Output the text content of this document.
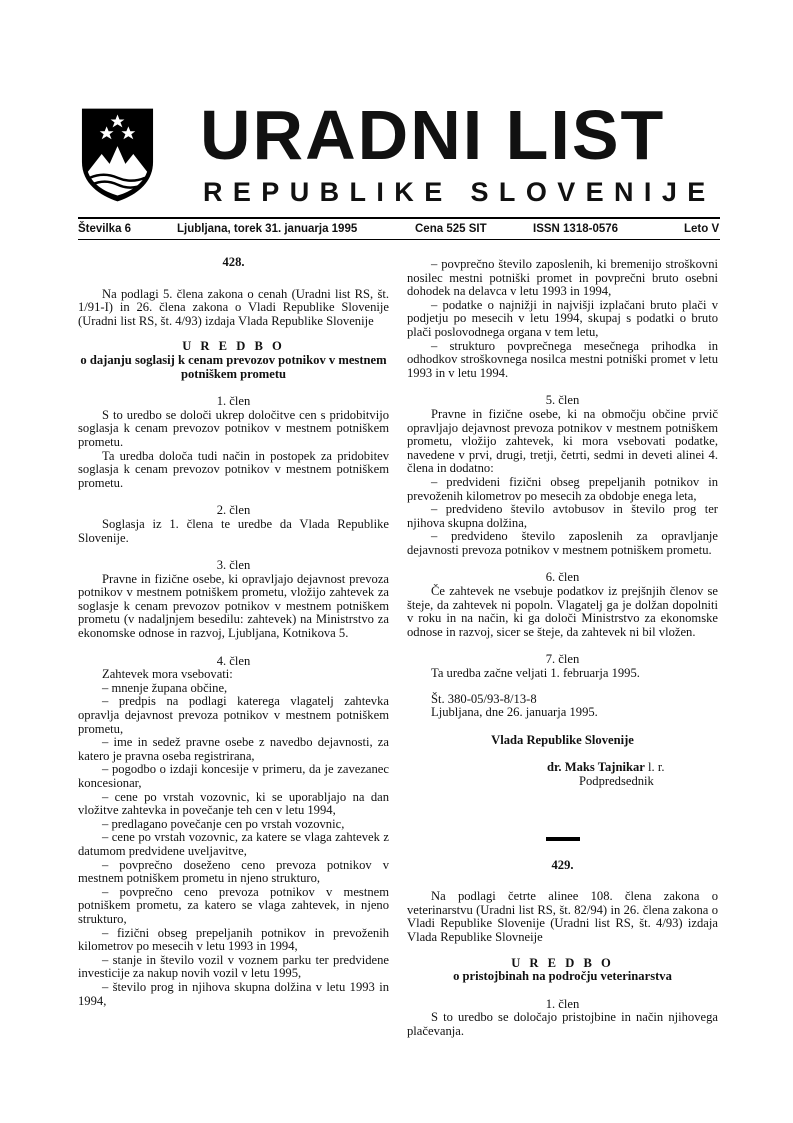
URADNI LIST
REPUBLIKE SLOVENIJE
Številka 6	Ljubljana, torek 31. januarja 1995	Cena 525 SIT	ISSN 1318-0576	Leto V

428.

Na podlagi 5. člena zakona o cenah (Uradni list RS, št. 1/91-I) in 26. člena zakona o Vladi Republike Slovenije (Uradni list RS, št. 4/93) izdaja Vlada Republike Slovenije

U R E D B O

o dajanju soglasij k cenam prevozov potnikov v mestnem potniškem prometu

1. člen

S to uredbo se določi ukrep določitve cen s pridobitvijo soglasja k cenam prevozov potnikov v mestnem potniškem prometu.

Ta uredba določa tudi način in postopek za pridobitev soglasja k cenam prevozov potnikov v mestnem potniškem prometu.

2. člen

Soglasja iz 1. člena te uredbe da Vlada Republike Slovenije.

3. člen

Pravne in fizične osebe, ki opravljajo dejavnost prevoza potnikov v mestnem potniškem prometu, vložijo zahtevek za soglasje k cenam prevozov potnikov v mestnem potniškem prometu (v nadaljnjem besedilu: zahtevek) na Ministrstvo za ekonomske odnose in razvoj, Ljubljana, Kotnikova 5.

4. člen

Zahtevek mora vsebovati:

– mnenje župana občine,

– predpis na podlagi katerega vlagatelj zahtevka opravlja dejavnost prevoza potnikov v mestnem potniškem prometu,

– ime in sedež pravne osebe z navedbo dejavnosti, za katero je pravna oseba registrirana,

– pogodbo o izdaji koncesije v primeru, da je zavezanec koncesionar,

– cene po vrstah vozovnic, ki se uporabljajo na dan vložitve zahtevka in povečanje teh cen v letu 1994,

– predlagano povečanje cen po vrstah vozovnic,

– cene po vrstah vozovnic, za katere se vlaga zahtevek z datumom predvidene uveljavitve,

– povprečno doseženo ceno prevoza potnikov v mestnem potniškem prometu in njeno strukturo,

– povprečno ceno prevoza potnikov v mestnem potniškem prometu, za katero se vlaga zahtevek, in njeno strukturo,

– fizični obseg prepeljanih potnikov in prevoženih kilometrov po mesecih v letu 1993 in 1994,

– stanje in število vozil v voznem parku ter predvidene investicije za nakup novih vozil v letu 1995,

– število prog in njihova skupna dolžina v letu 1993 in 1994,

– povprečno število zaposlenih, ki bremenijo stroškovni nosilec mestni potniški promet in povprečni bruto osebni dohodek na delavca v letu 1993 in 1994,

– podatke o najnižji in najvišji izplačani bruto plači v podjetju po mesecih v letu 1994, skupaj s podatki o bruto plači poslovodnega organa v tem letu,

– strukturo povprečnega mesečnega prihodka in odhodkov stroškovnega nosilca mestni potniški promet v letu 1993 in v letu 1994.

5. člen

Pravne in fizične osebe, ki na območju občine prvič opravljajo dejavnost prevoza potnikov v mestnem potniškem prometu, vložijo zahtevek, ki mora vsebovati podatke, navedene v prvi, drugi, tretji, četrti, sedmi in deveti alinei 4. člena in dodatno:

– predvideni fizični obseg prepeljanih potnikov in prevoženih kilometrov po mesecih za obdobje enega leta,

– predvideno število avtobusov in število prog ter njihova skupna dolžina,

– predvideno število zaposlenih za opravljanje dejavnosti prevoza potnikov v mestnem potniškem prometu.

6. člen

Če zahtevek ne vsebuje podatkov iz prejšnjih členov se šteje, da zahtevek ni popoln. Vlagatelj ga je dolžan dopolniti v roku in na način, ki ga določi Ministrstvo za ekonomske odnose in razvoj, sicer se šteje, da zahtevek ni bil vložen.

7. člen

Ta uredba začne veljati 1. februarja 1995.

Št. 380-05/93-8/13-8

Ljubljana, dne 26. januarja 1995.

Vlada Republike Slovenije

dr. Maks Tajnikar l. r.

Podpredsednik

429.

Na podlagi četrte alinee 108. člena zakona o veterinarstvu (Uradni list RS, št. 82/94) in 26. člena zakona o Vladi Republike Slovenije (Uradni list RS, št. 4/93) izdaja Vlada Republike Slovneije

U R E D B O

o pristojbinah na področju veterinarstva

1. člen

S to uredbo se določajo pristojbine in način njihovega plačevanja.
